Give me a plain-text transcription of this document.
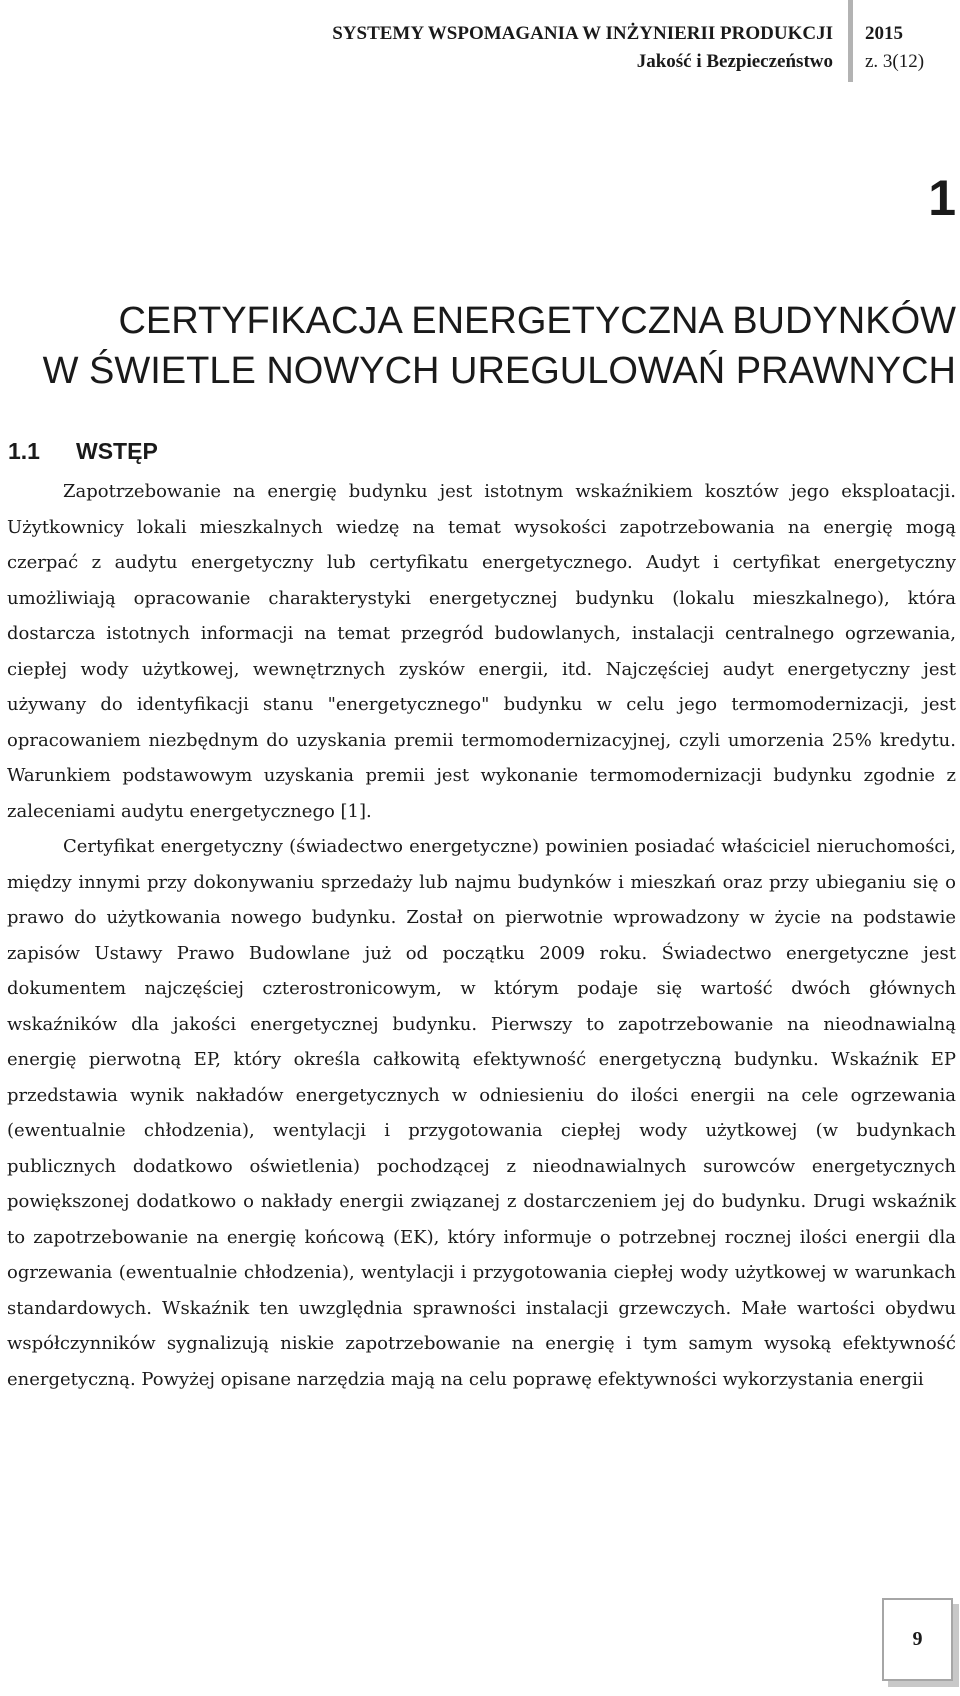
SYSTEMY WSPOMAGANIA W INŻYNIERII PRODUKCJI
Jakość i Bezpieczeństwo
2015
z. 3(12)
1
CERTYFIKACJA ENERGETYCZNA BUDYNKÓW
W ŚWIETLE NOWYCH UREGULOWAŃ PRAWNYCH
1.1 WSTĘP

Zapotrzebowanie na energię budynku jest istotnym wskaźnikiem kosztów jego eksploatacji. Użytkownicy lokali mieszkalnych wiedzę na temat wysokości zapotrzebowania na energię mogą czerpać z audytu energetyczny lub certyfikatu energetycznego. Audyt i certyfikat energetyczny umożliwiają opracowanie charakterystyki energetycznej budynku (lokalu mieszkalnego), która dostarcza istotnych informacji na temat przegród budowlanych, instalacji centralnego ogrzewania, ciepłej wody użytkowej, wewnętrznych zysków energii, itd. Najczęściej audyt energetyczny jest używany do identyfikacji stanu "energetycznego" budynku w celu jego termomodernizacji, jest opracowaniem niezbędnym do uzyskania premii termomodernizacyjnej, czyli umorzenia 25% kredytu. Warunkiem podstawowym uzyskania premii jest wykonanie termomodernizacji budynku zgodnie z zaleceniami audytu energetycznego [1].

Certyfikat energetyczny (świadectwo energetyczne) powinien posiadać właściciel nieruchomości, między innymi przy dokonywaniu sprzedaży lub najmu budynków i mieszkań oraz przy ubieganiu się o prawo do użytkowania nowego budynku. Został on pierwotnie wprowadzony w życie na podstawie zapisów Ustawy Prawo Budowlane już od początku 2009 roku. Świadectwo energetyczne jest dokumentem najczęściej czterostronicowym, w którym podaje się wartość dwóch głównych wskaźników dla jakości energetycznej budynku. Pierwszy to zapotrzebowanie na nieodnawialną energię pierwotną EP, który określa całkowitą efektywność energetyczną budynku. Wskaźnik EP przedstawia wynik nakładów energetycznych w odniesieniu do ilości energii na cele ogrzewania (ewentualnie chłodzenia), wentylacji i przygotowania ciepłej wody użytkowej (w budynkach publicznych dodatkowo oświetlenia) pochodzącej z nieodnawialnych surowców energetycznych powiększonej dodatkowo o nakłady energii związanej z dostarczeniem jej do budynku. Drugi wskaźnik to zapotrzebowanie na energię końcową (EK), który informuje o potrzebnej rocznej ilości energii dla ogrzewania (ewentualnie chłodzenia), wentylacji i przygotowania ciepłej wody użytkowej w warunkach standardowych. Wskaźnik ten uwzględnia sprawności instalacji grzewczych. Małe wartości obydwu współczynników sygnalizują niskie zapotrzebowanie na energię i tym samym wysoką efektywność energetyczną. Powyżej opisane narzędzia mają na celu poprawę efektywności wykorzystania energii

9
